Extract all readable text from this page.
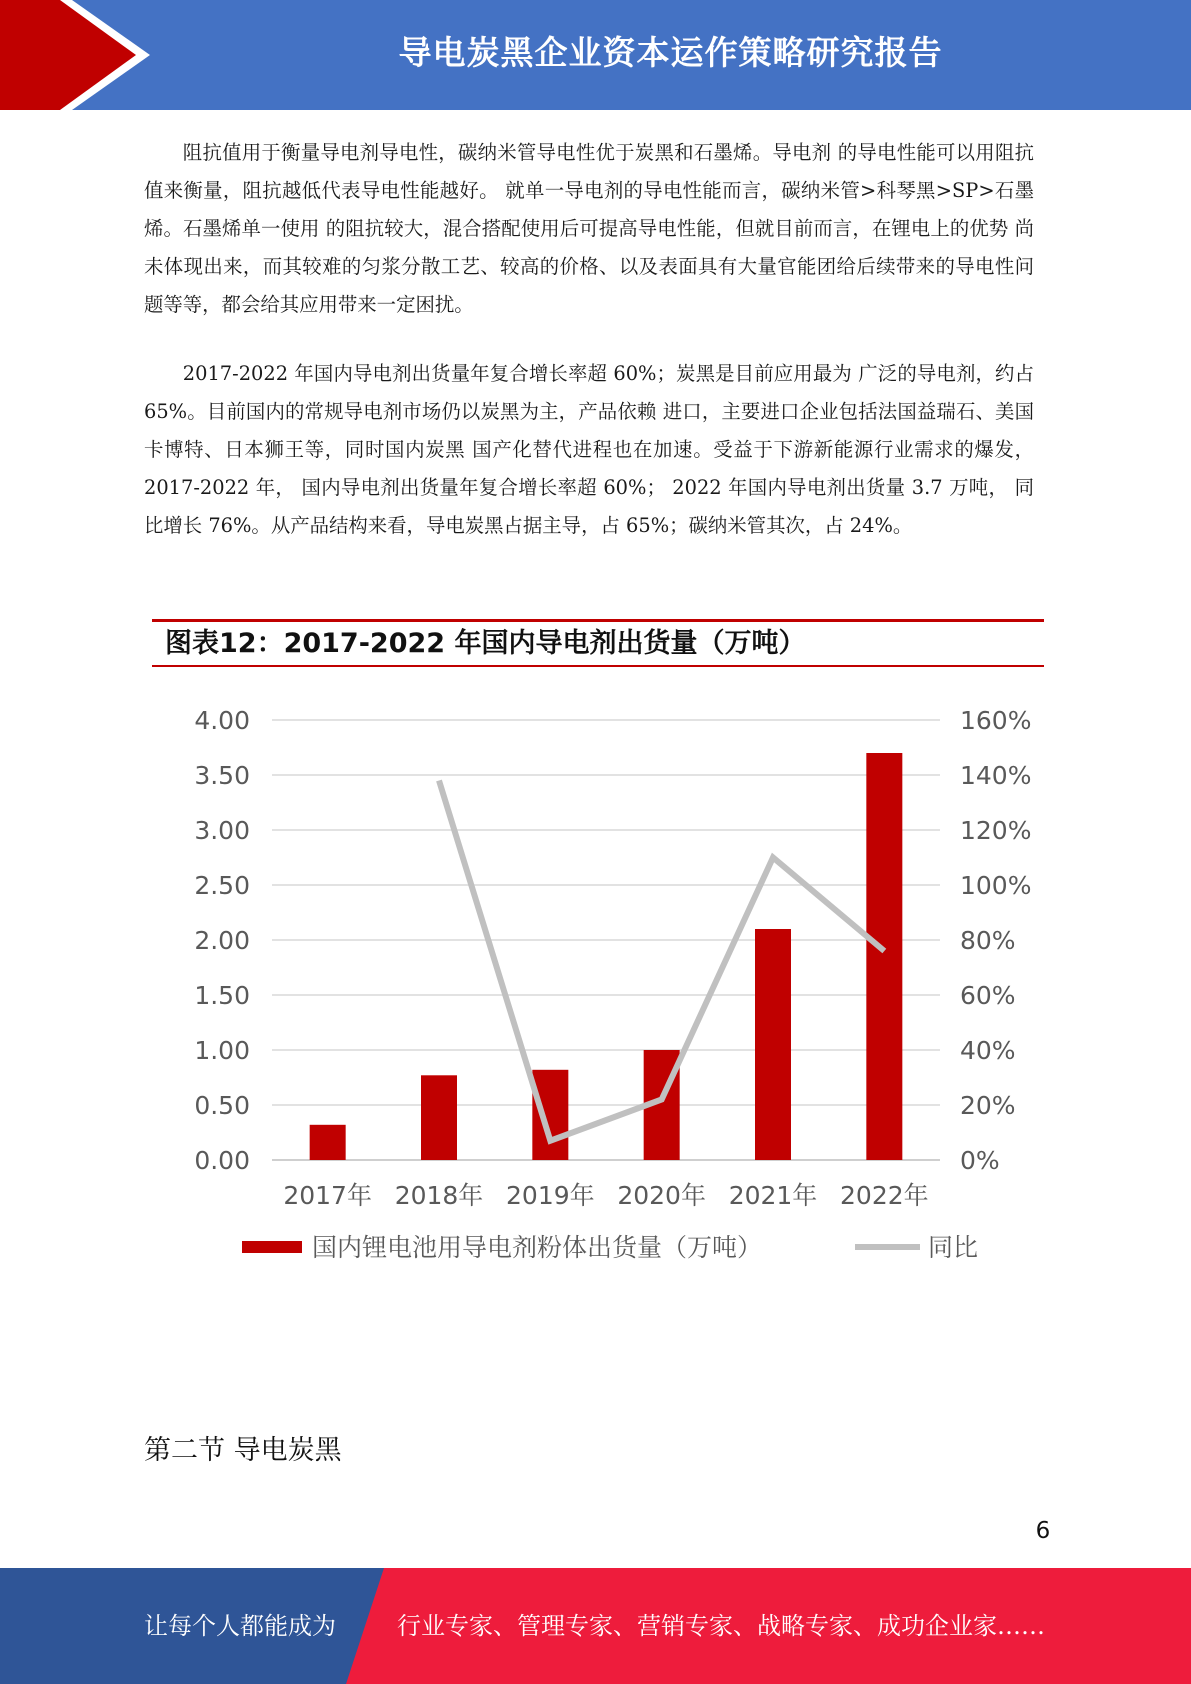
导电炭黑企业资本运作策略研究报告

阻抗值用于衡量导电剂导电性，碳纳米管导电性优于炭黑和石墨烯。导电剂 的导电性能可以用阻抗值来衡量，阻抗越低代表导电性能越好。 就单一导电剂的导电性能而言，碳纳米管>科琴黑>SP>石墨烯。石墨烯单一使用 的阻抗较大，混合搭配使用后可提高导电性能，但就目前而言，在锂电上的优势 尚未体现出来，而其较难的匀浆分散工艺、较高的价格、以及表面具有大量官能团给后续带来的导电性问题等等，都会给其应用带来一定困扰。

2017-2022 年国内导电剂出货量年复合增长率超 60%；炭黑是目前应用最为 广泛的导电剂，约占 65%。目前国内的常规导电剂市场仍以炭黑为主，产品依赖 进口，主要进口企业包括法国益瑞石、美国卡博特、日本狮王等，同时国内炭黑 国产化替代进程也在加速。受益于下游新能源行业需求的爆发，2017-2022 年， 国内导电剂出货量年复合增长率超 60%； 2022 年国内导电剂出货量 3.7 万吨， 同比增长 76%。从产品结构来看，导电炭黑占据主导，占 65%；碳纳米管其次，占 24%。

图表12：2017-2022 年国内导电剂出货量（万吨）
0.00	0%
0.50	20%
1.00	40%
1.50	60%
2.00	80%
2.50	100%
3.00	120%
3.50	140%
4.00	160%
2017年 2018年 2019年 2020年 2021年 2022年
国内锂电池用导电剂粉体出货量（万吨）	同比
第二节 导电炭黑
6
让每个人都能成为	行业专家、管理专家、营销专家、战略专家、成功企业家……
